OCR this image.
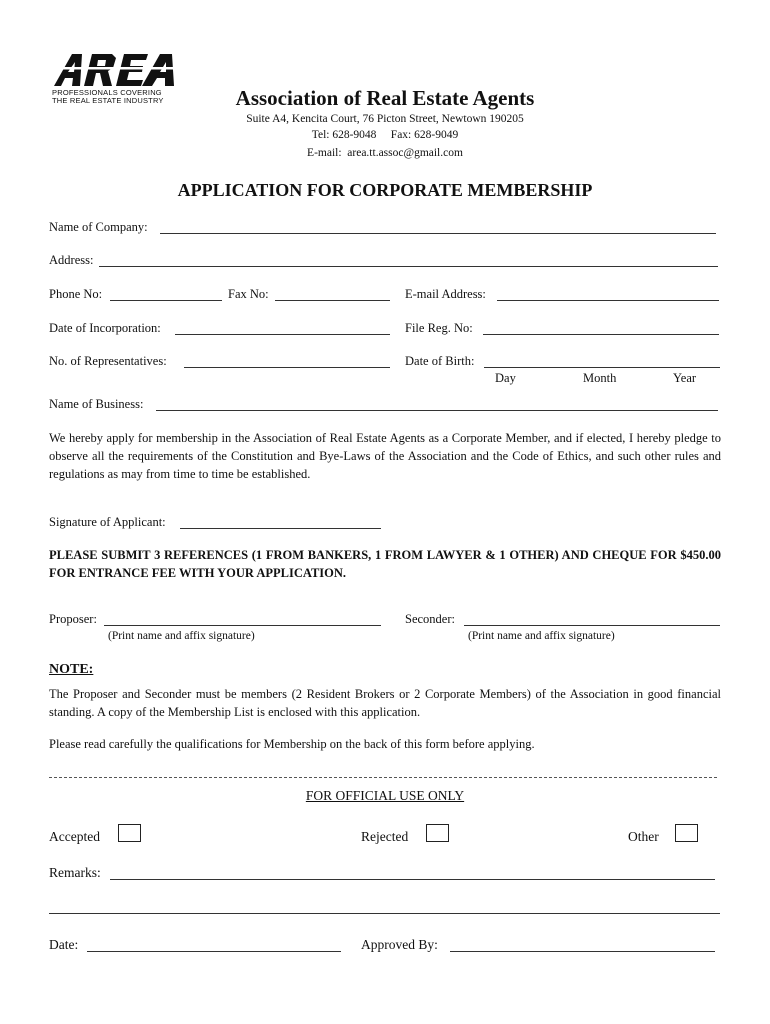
PROFESSIONALS COVERING
THE REAL ESTATE INDUSTRY	Association of Real Estate Agents
Suite A4, Kencita Court, 76 Picton Street, Newtown 190205
Tel: 628-9048     Fax: 628-9049
E-mail:  area.tt.assoc@gmail.com
APPLICATION FOR CORPORATE MEMBERSHIP
Name of Company:
Address:
Phone No:	Fax No:	E-mail Address:
Date of Incorporation:	File Reg. No:
No. of Representatives:	Date of Birth:
Day	Month	Year
Name of Business:
We hereby apply for membership in the Association of Real Estate Agents as a Corporate Member, and if elected, I hereby pledge to observe all the requirements of the Constitution and Bye-Laws of the Association and the Code of Ethics, and such other rules and regulations as may from time to time be established.
Signature of Applicant:
PLEASE SUBMIT 3 REFERENCES (1 FROM BANKERS, 1 FROM LAWYER & 1 OTHER) AND CHEQUE FOR $450.00 FOR ENTRANCE FEE WITH YOUR APPLICATION.
Proposer:
(Print name and affix signature)
Seconder:
(Print name and affix signature)
NOTE:
The Proposer and Seconder must be members (2 Resident Brokers or 2 Corporate Members) of the Association in good financial standing. A copy of the Membership List is enclosed with this application.
Please read carefully the qualifications for Membership on the back of this form before applying.
FOR OFFICIAL USE ONLY
Accepted	Rejected	Other
Remarks:
Date:	Approved By:
